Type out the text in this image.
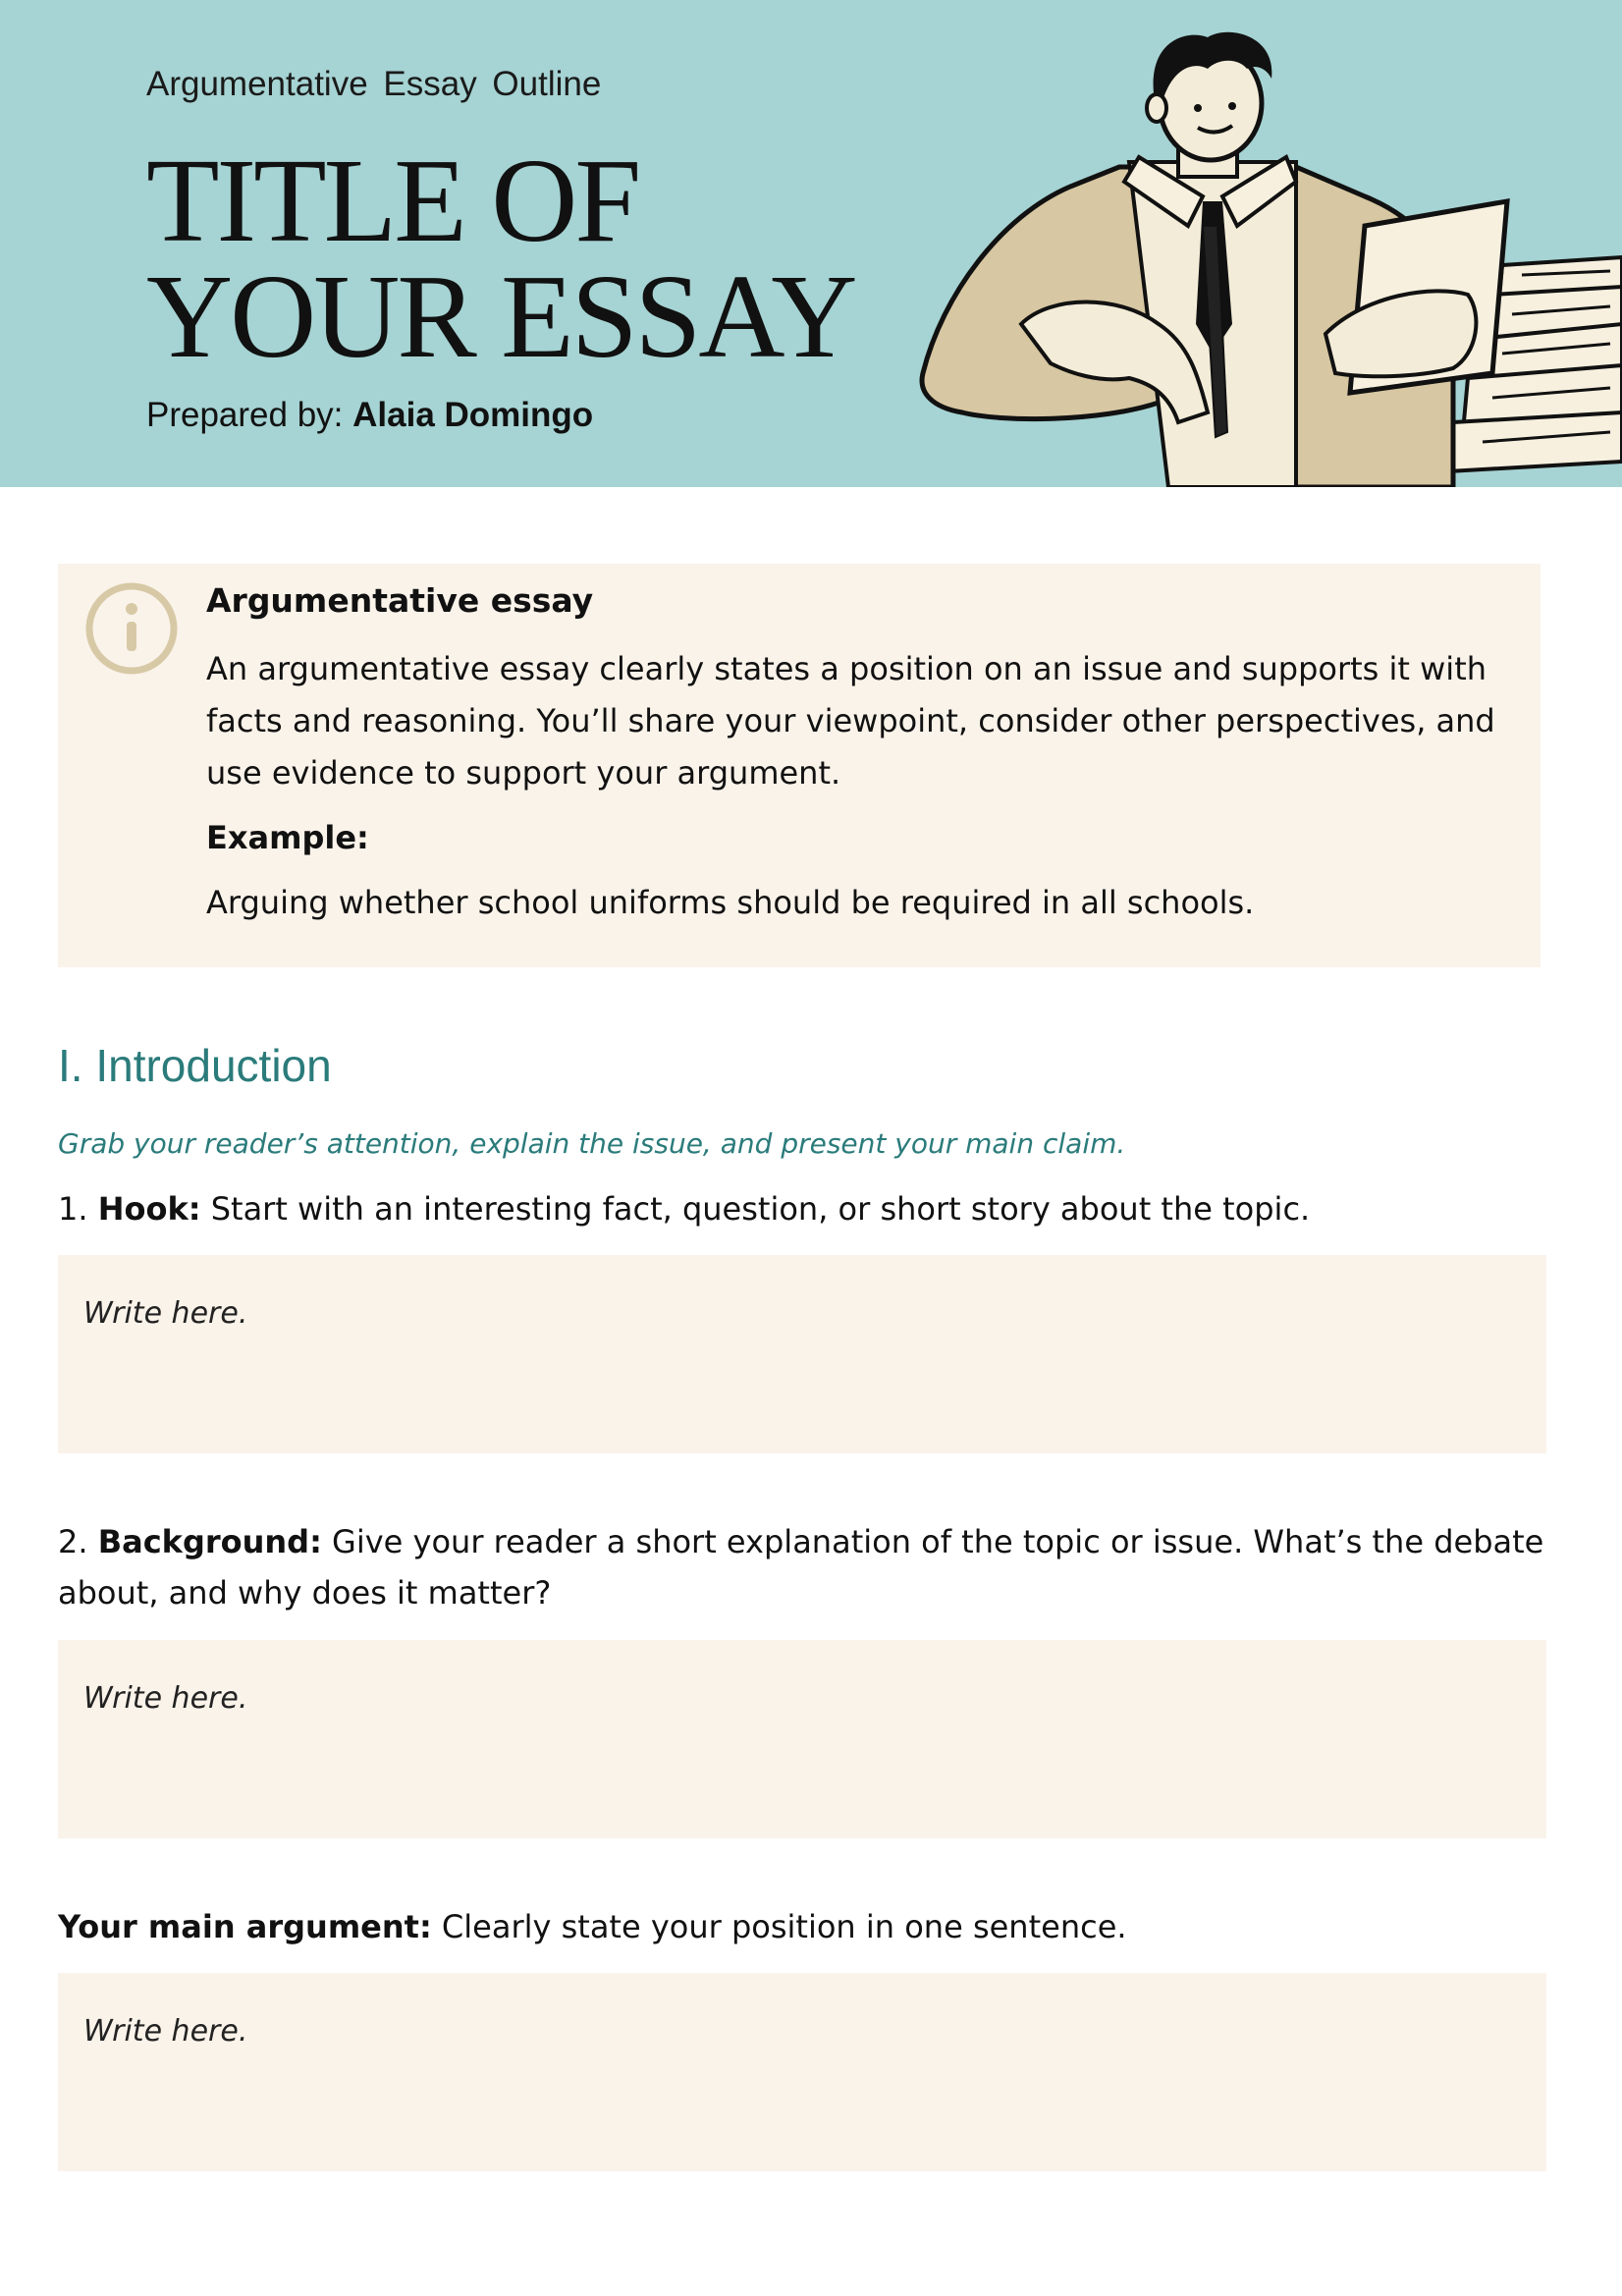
Argumentative Essay Outline
TITLE OF
YOUR ESSAY
Prepared by: Alaia Domingo
Argumentative essay
An argumentative essay clearly states a position on an issue and supports it with facts and reasoning. You’ll share your viewpoint, consider other perspectives, and use evidence to support your argument.
Example:
Arguing whether school uniforms should be required in all schools.
I. Introduction
Grab your reader’s attention, explain the issue, and present your main claim.
1. Hook: Start with an interesting fact, question, or short story about the topic.
Write here.
2. Background: Give your reader a short explanation of the topic or issue. What’s the debate about, and why does it matter?
Write here.
Your main argument: Clearly state your position in one sentence.
Write here.
